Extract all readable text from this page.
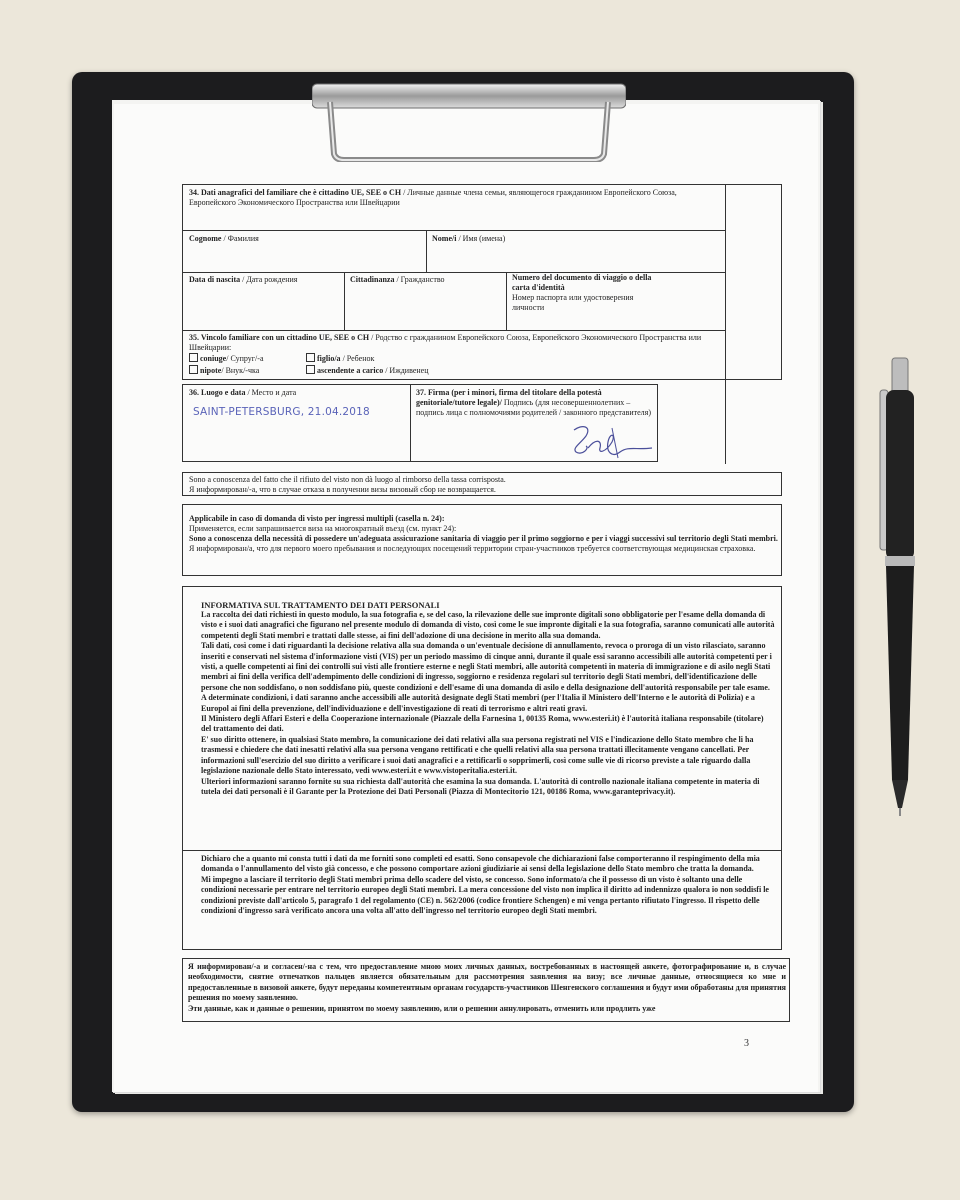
34. Dati anagrafici del familiare che è cittadino UE, SEE o CH / Личные данные члена семьи, являющегося гражданином Европейского Союза, Европейского Экономического Пространства или Швейцарии
Cognome / Фамилия	Nome/i / Имя (имена)
Data di nascita / Дата рождения	Cittadinanza / Гражданство	Numero del documento di viaggio o della carta d'identità
Номер паспорта или удостоверения личности
35. Vincolo familiare con un cittadino UE, SEE o CH / Родство с гражданином Европейского Союза, Европейского Экономического Пространства или Швейцарии:
coniuge/ Супруг/-а	figlio/a / Ребенок
nipote/ Внук/-чка	ascendente a carico / Иждивенец
36. Luogo e data / Место и дата
SAINT-PETERSBURG, 21.04.2018
37. Firma (per i minori, firma del titolare della potestà genitoriale/tutore legale)/ Подпись (для несовершеннолетних – подпись лица с полномочиями родителей / законного представителя)
Sono a conoscenza del fatto che il rifiuto del visto non dà luogo al rimborso della tassa corrisposta.
Я информирован/-а, что в случае отказа в получении визы визовый сбор не возвращается.
Applicabile in caso di domanda di visto per ingressi multipli (casella n. 24):
Применяется, если запрашивается виза на многократный въезд (см. пункт 24):
Sono a conoscenza della necessità di possedere un'adeguata assicurazione sanitaria di viaggio per il primo soggiorno e per i viaggi successivi sul territorio degli Stati membri.
Я информирован/а, что для первого моего пребывания и последующих посещений территории стран-участников требуется соответствующая медицинская страховка.
INFORMATIVA SUL TRATTAMENTO DEI DATI PERSONALI

La raccolta dei dati richiesti in questo modulo, la sua fotografia e, se del caso, la rilevazione delle sue impronte digitali sono obbligatorie per l'esame della domanda di visto e i suoi dati anagrafici che figurano nel presente modulo di domanda di visto, così come le sue impronte digitali e la sua fotografia, saranno comunicati alle autorità competenti degli Stati membri e trattati dalle stesse, ai fini dell'adozione di una decisione in merito alla sua domanda.

Tali dati, così come i dati riguardanti la decisione relativa alla sua domanda o un'eventuale decisione di annullamento, revoca o proroga di un visto rilasciato, saranno inseriti e conservati nel sistema d'informazione visti (VIS) per un periodo massimo di cinque anni, durante il quale essi saranno accessibili alle autorità competenti per i visti, a quelle competenti ai fini dei controlli sui visti alle frontiere esterne e negli Stati membri, alle autorità competenti in materia di immigrazione e di asilo negli Stati membri ai fini della verifica dell'adempimento delle condizioni di ingresso, soggiorno e residenza regolari sul territorio degli Stati membri, dell'identificazione delle persone che non soddisfano, o non soddisfano più, queste condizioni e dell'esame di una domanda di asilo e della designazione dell'autorità responsabile per tale esame.

A determinate condizioni, i dati saranno anche accessibili alle autorità designate degli Stati membri (per l'Italia il Ministero dell'Interno e le autorità di Polizia) e a Europol ai fini della prevenzione, dell'individuazione e dell'investigazione di reati di terrorismo e altri reati gravi.

Il Ministero degli Affari Esteri e della Cooperazione internazionale (Piazzale della Farnesina 1, 00135 Roma, www.esteri.it) è l'autorità italiana responsabile (titolare) del trattamento dei dati.

E' suo diritto ottenere, in qualsiasi Stato membro, la comunicazione dei dati relativi alla sua persona registrati nel VIS e l'indicazione dello Stato membro che li ha trasmessi e chiedere che dati inesatti relativi alla sua persona vengano rettificati e che quelli relativi alla sua persona trattati illecitamente vengano cancellati. Per informazioni sull'esercizio del suo diritto a verificare i suoi dati anagrafici e a rettificarli o sopprimerli, così come sulle vie di ricorso previste a tale riguardo dalla legislazione nazionale dello Stato interessato, vedi www.esteri.it e www.vistoperitalia.esteri.it.

Ulteriori informazioni saranno fornite su sua richiesta dall'autorità che esamina la sua domanda. L'autorità di controllo nazionale italiana competente in materia di tutela dei dati personali è il Garante per la Protezione dei Dati Personali (Piazza di Montecitorio 121, 00186 Roma, www.garanteprivacy.it).

Dichiaro che a quanto mi consta tutti i dati da me forniti sono completi ed esatti. Sono consapevole che dichiarazioni false comporteranno il respingimento della mia domanda o l'annullamento del visto già concesso, e che possono comportare azioni giudiziarie ai sensi della legislazione dello Stato membro che tratta la domanda.

Mi impegno a lasciare il territorio degli Stati membri prima dello scadere del visto, se concesso. Sono informato/a che il possesso di un visto è soltanto una delle condizioni necessarie per entrare nel territorio europeo degli Stati membri. La mera concessione del visto non implica il diritto ad indennizzo qualora io non soddisfi le condizioni previste dall'articolo 5, paragrafo 1 del regolamento (CE) n. 562/2006 (codice frontiere Schengen) e mi venga pertanto rifiutato l'ingresso. Il rispetto delle condizioni d'ingresso sarà verificato ancora una volta all'atto dell'ingresso nel territorio europeo degli Stati membri.

Я информирован/-а и согласен/-на с тем, что предоставление мною моих личных данных, востребованных в настоящей анкете, фотографирование и, в случае необходимости, снятие отпечатков пальцев является обязательным для рассмотрения заявления на визу; все личные данные, относящиеся ко мне и предоставленные в визовой анкете, будут переданы компетентным органам государств-участников Шенгенского соглашения и будут ими обработаны для принятия решения по моему заявлению.

Эти данные, как и данные о решении, принятом по моему заявлению, или о решении аннулировать, отменить или продлить уже

3
